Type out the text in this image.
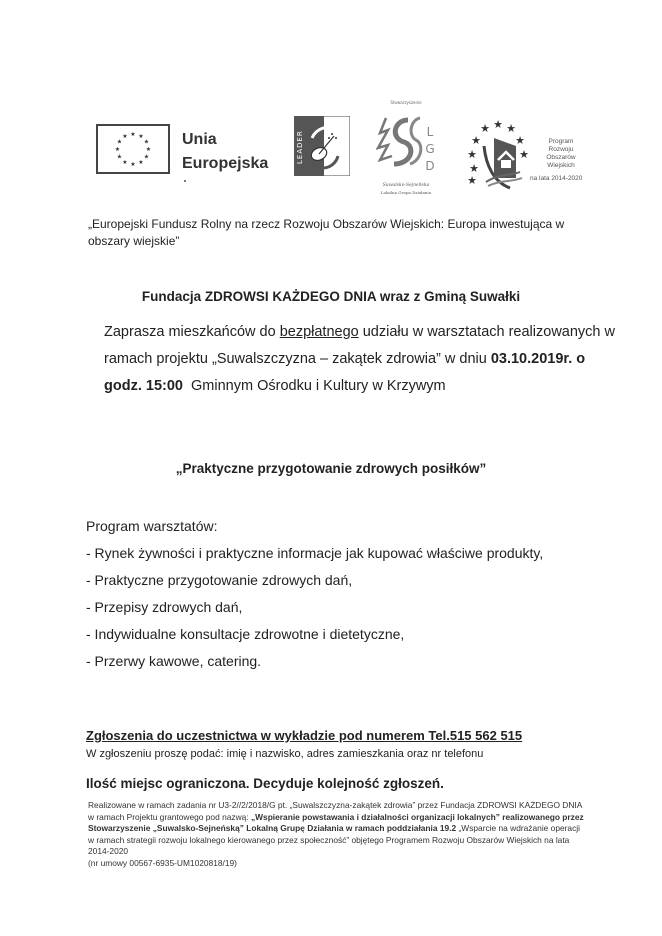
★ ★
★
★
★
★
★
★
★
★
★
★	Unia
Europejska	LEADER
Stowarzyszenie
L
G
D
Suwalsko-Sejneńska
Lokalna Grupa Działania
★ ★
★
★
★
★
★
★
★
Program
Rozwoju
Obszarów
Wiejskich
na lata 2014-2020
„Europejski Fundusz Rolny na rzecz Rozwoju Obszarów Wiejskich: Europa inwestująca w obszary wiejskie”
Fundacja ZDROWSI KAŻDEGO DNIA wraz z Gminą Suwałki
Zaprasza mieszkańców do bezpłatnego udziału w warsztatach realizowanych w ramach projektu „Suwalszczyzna – zakątek zdrowia” w dniu 03.10.2019r. o godz. 15:00  Gminnym Ośrodku i Kultury w Krzywym
„Praktyczne przygotowanie zdrowych posiłków”
Program warsztatów:
- Rynek żywności i praktyczne informacje jak kupować właściwe produkty,
- Praktyczne przygotowanie zdrowych dań,
- Przepisy zdrowych dań,
- Indywidualne konsultacje zdrowotne i dietetyczne,
- Przerwy kawowe, catering.
Zgłoszenia do uczestnictwa w wykładzie pod numerem Tel.515 562 515
W zgłoszeniu proszę podać: imię i nazwisko, adres zamieszkania oraz nr telefonu
Ilość miejsc ograniczona. Decyduje kolejność zgłoszeń.
Realizowane w ramach zadania nr U3-2//2/2018/G pt. „Suwalszczyzna-zakątek zdrowia” przez Fundacja ZDROWSI KAŻDEGO DNIA
w ramach Projektu grantowego pod nazwą: „Wspieranie powstawania i działalności organizacji lokalnych” realizowanego przez Stowarzyszenie „Suwalsko-Sejneńską” Lokalną Grupę Działania w ramach poddziałania 19.2 „Wsparcie na wdrażanie operacji w ramach strategii rozwoju lokalnego kierowanego przez społeczność” objętego Programem Rozwoju Obszarów Wiejskich na lata 2014-2020
(nr umowy 00567-6935-UM1020818/19)
